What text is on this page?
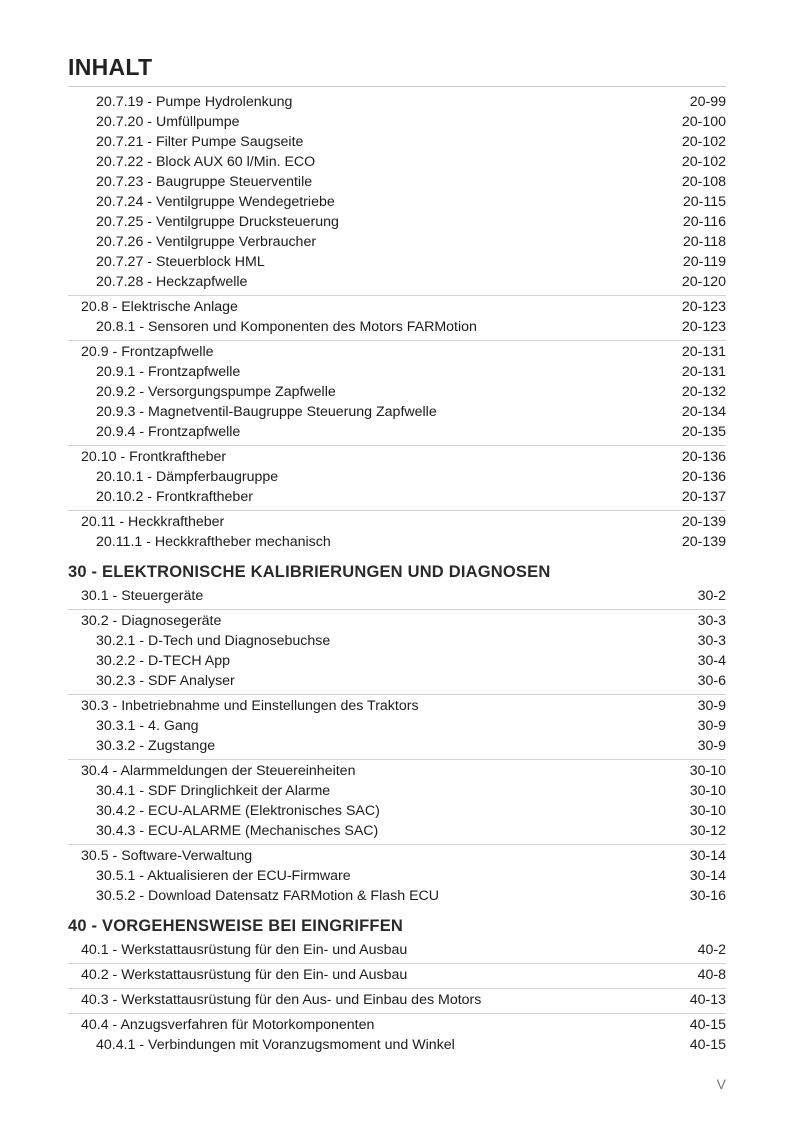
INHALT
20.7.19 - Pumpe Hydrolenkung	20-99
20.7.20 - Umfüllpumpe	20-100
20.7.21 - Filter Pumpe Saugseite	20-102
20.7.22 - Block AUX 60 l/Min. ECO	20-102
20.7.23 - Baugruppe Steuerventile	20-108
20.7.24 - Ventilgruppe Wendegetriebe	20-115
20.7.25 - Ventilgruppe Drucksteuerung	20-116
20.7.26 - Ventilgruppe Verbraucher	20-118
20.7.27 - Steuerblock HML	20-119
20.7.28 - Heckzapfwelle	20-120
20.8 - Elektrische Anlage	20-123
20.8.1 - Sensoren und Komponenten des Motors FARMotion	20-123
20.9 - Frontzapfwelle	20-131
20.9.1 - Frontzapfwelle	20-131
20.9.2 - Versorgungspumpe Zapfwelle	20-132
20.9.3 - Magnetventil-Baugruppe Steuerung Zapfwelle	20-134
20.9.4 - Frontzapfwelle	20-135
20.10 - Frontkraftheber	20-136
20.10.1 - Dämpferbaugruppe	20-136
20.10.2 - Frontkraftheber	20-137
20.11 - Heckkraftheber	20-139
20.11.1 - Heckkraftheber mechanisch	20-139
30 - ELEKTRONISCHE KALIBRIERUNGEN UND DIAGNOSEN
30.1 - Steuergeräte	30-2
30.2 - Diagnosegeräte	30-3
30.2.1 - D-Tech und Diagnosebuchse	30-3
30.2.2 - D-TECH App	30-4
30.2.3 - SDF Analyser	30-6
30.3 - Inbetriebnahme und Einstellungen des Traktors	30-9
30.3.1 - 4. Gang	30-9
30.3.2 - Zugstange	30-9
30.4 - Alarmmeldungen der Steuereinheiten	30-10
30.4.1 - SDF Dringlichkeit der Alarme	30-10
30.4.2 - ECU-ALARME (Elektronisches SAC)	30-10
30.4.3 - ECU-ALARME (Mechanisches SAC)	30-12
30.5 - Software-Verwaltung	30-14
30.5.1 - Aktualisieren der ECU-Firmware	30-14
30.5.2 - Download Datensatz FARMotion & Flash ECU	30-16
40 - VORGEHENSWEISE BEI EINGRIFFEN
40.1 - Werkstattausrüstung für den Ein- und Ausbau	40-2
40.2 - Werkstattausrüstung für den Ein- und Ausbau	40-8
40.3 - Werkstattausrüstung für den Aus- und Einbau des Motors	40-13
40.4 - Anzugsverfahren für Motorkomponenten	40-15
40.4.1 - Verbindungen mit Voranzugsmoment und Winkel	40-15
V
